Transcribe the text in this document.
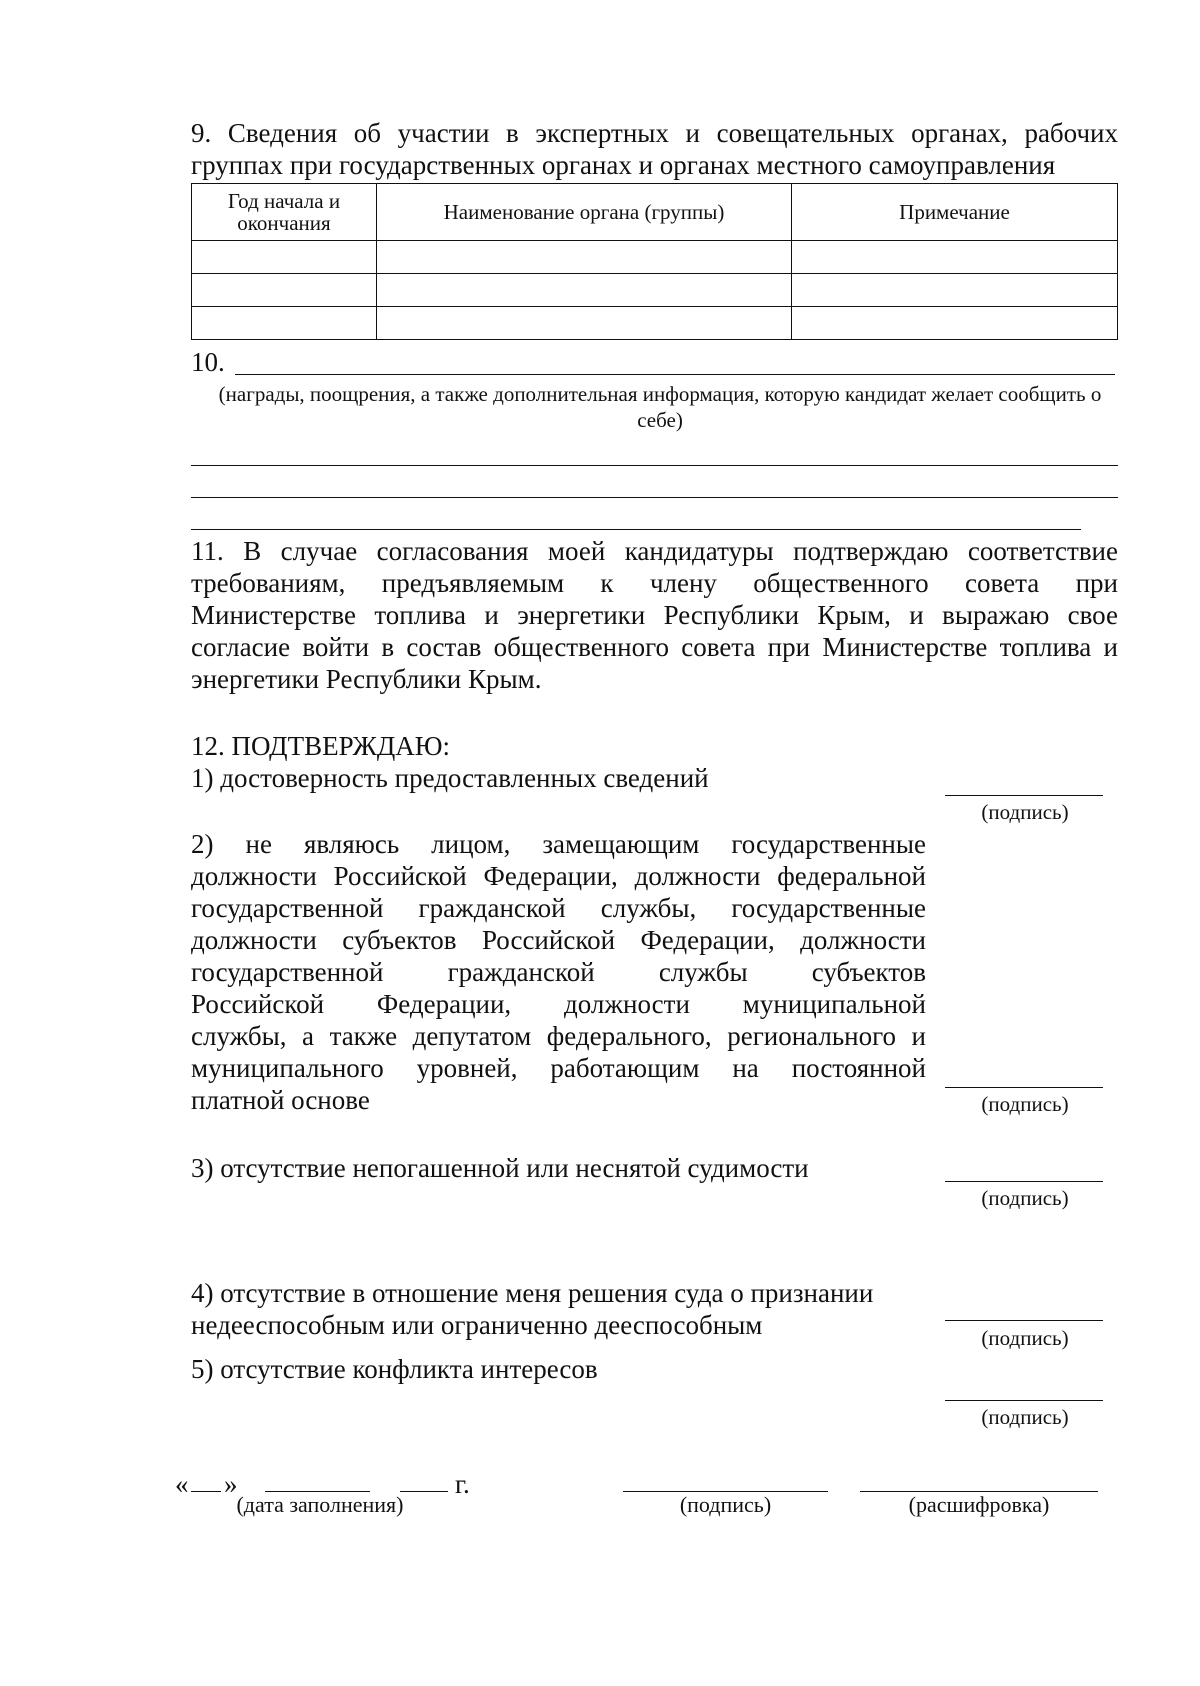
9. Сведения об участии в экспертных и совещательных органах, рабочих
группах при государственных органах и органах местного самоуправления
Год начала и окончания	Наименование органа (группы)	Примечание

10.
(награды, поощрения, а также дополнительная информация, которую кандидат желает сообщить о себе)
11. В случае согласования моей кандидатуры подтверждаю соответствие
требованиям, предъявляемым к члену общественного совета при
Министерстве топлива и энергетики Республики Крым, и выражаю свое
согласие войти в состав общественного совета при Министерстве топлива и
энергетики Республики Крым.
12. ПОДТВЕРЖДАЮ:
1) достоверность предоставленных сведений
(подпись)
2) не являюсь лицом, замещающим государственные
должности Российской Федерации, должности федеральной
государственной гражданской службы, государственные
должности субъектов Российской Федерации, должности
государственной гражданской службы субъектов
Российской Федерации, должности муниципальной
службы, а также депутатом федерального, регионального и
муниципального уровней, работающим на постоянной
платной основе	(подпись)
3) отсутствие непогашенной или неснятой судимости
(подпись)
4) отсутствие в отношение меня решения суда о признании
недееспособным или ограниченно дееспособным	(подпись)
5) отсутствие конфликта интересов
(подпись)
« »	г.
(дата заполнения)	(подпись)	(расшифровка)
